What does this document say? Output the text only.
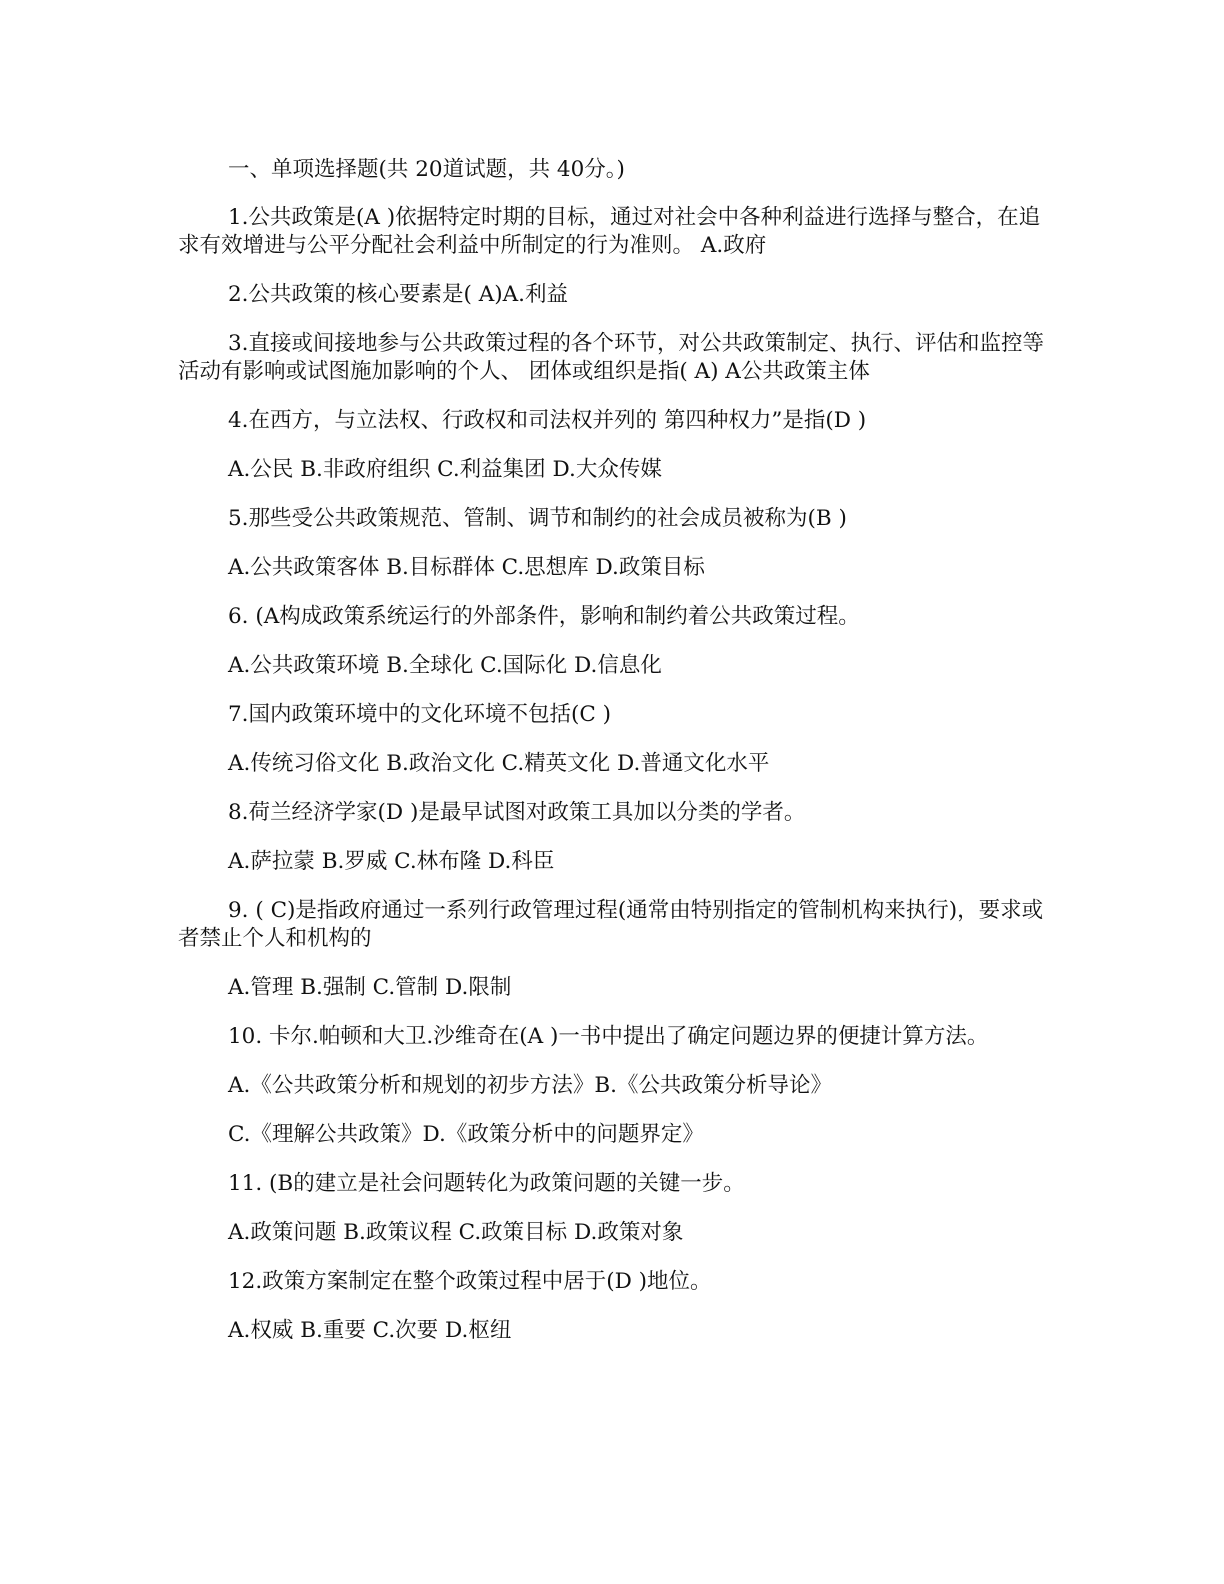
一、单项选择题(共 20道试题，共 40分。)

1.公共政策是(A )依据特定时期的目标，通过对社会中各种利益进行选择与整合，在追求有效增进与公平分配社会利益中所制定的行为准则。 A.政府

2.公共政策的核心要素是( A)A.利益

3.直接或间接地参与公共政策过程的各个环节，对公共政策制定、执行、评估和监控等活动有影响或试图施加影响的个人、 团体或组织是指( A) A公共政策主体

4.在西方，与立法权、行政权和司法权并列的 第四种权力”是指(D )

A.公民 B.非政府组织 C.利益集团 D.大众传媒

5.那些受公共政策规范、管制、调节和制约的社会成员被称为(B )

A.公共政策客体 B.目标群体 C.思想库 D.政策目标

6. (A构成政策系统运行的外部条件，影响和制约着公共政策过程。

A.公共政策环境 B.全球化 C.国际化 D.信息化

7.国内政策环境中的文化环境不包括(C )

A.传统习俗文化 B.政治文化 C.精英文化 D.普通文化水平

8.荷兰经济学家(D )是最早试图对政策工具加以分类的学者。

A.萨拉蒙 B.罗威 C.林布隆 D.科臣

9. ( C)是指政府通过一系列行政管理过程(通常由特别指定的管制机构来执行)，要求或者禁止个人和机构的

A.管理 B.强制 C.管制 D.限制

10. 卡尔.帕顿和大卫.沙维奇在(A )一书中提出了确定问题边界的便捷计算方法。

A.《公共政策分析和规划的初步方法》B.《公共政策分析导论》

C.《理解公共政策》D.《政策分析中的问题界定》

11. (B的建立是社会问题转化为政策问题的关键一步。

A.政策问题 B.政策议程 C.政策目标 D.政策对象

12.政策方案制定在整个政策过程中居于(D )地位。

A.权威 B.重要 C.次要 D.枢纽
